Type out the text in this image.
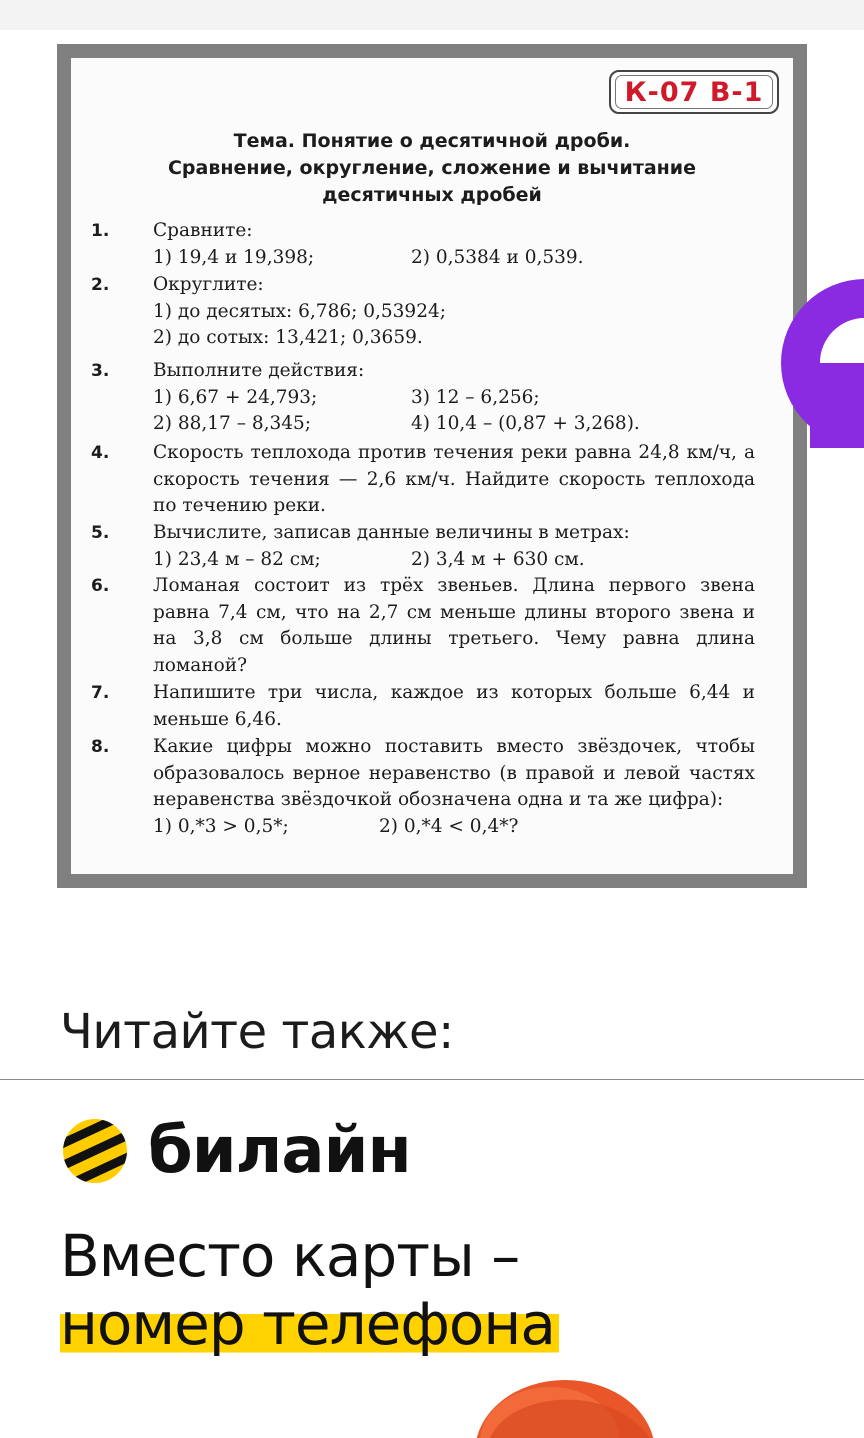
К-07 В-1
Тема. Понятие о десятичной дроби.
Сравнение, округление, сложение и вычитание
десятичных дробей
1. Сравните:
1) 19,4 и 19,398;	2) 0,5384 и 0,539.
2. Округлите:
1) до десятых: 6,786; 0,53924;
2) до сотых: 13,421; 0,3659.
3. Выполните действия:
1) 6,67 + 24,793;	3) 12 – 6,256;
2) 88,17 – 8,345;	4) 10,4 – (0,87 + 3,268).
4. Скорость теплохода против течения реки равна 24,8 км/ч, а скорость течения — 2,6 км/ч. Найдите скорость теплохода по течению реки.
5. Вычислите, записав данные величины в метрах:
1) 23,4 м – 82 см;	2) 3,4 м + 630 см.
6. Ломаная состоит из трёх звеньев. Длина первого звена равна 7,4 см, что на 2,7 см меньше длины второго звена и на 3,8 см больше длины третьего. Чему равна длина ломаной?
7. Напишите три числа, каждое из которых больше 6,44 и меньше 6,46.
8. Какие цифры можно поставить вместо звёздочек, чтобы образовалось верное неравенство (в правой и левой частях неравенства звёздочкой обозначена одна и та же цифра):
1) 0,*3 > 0,5*;	2) 0,*4 < 0,4*?
Читайте также:
билайн
Вместо карты –
номер телефона
